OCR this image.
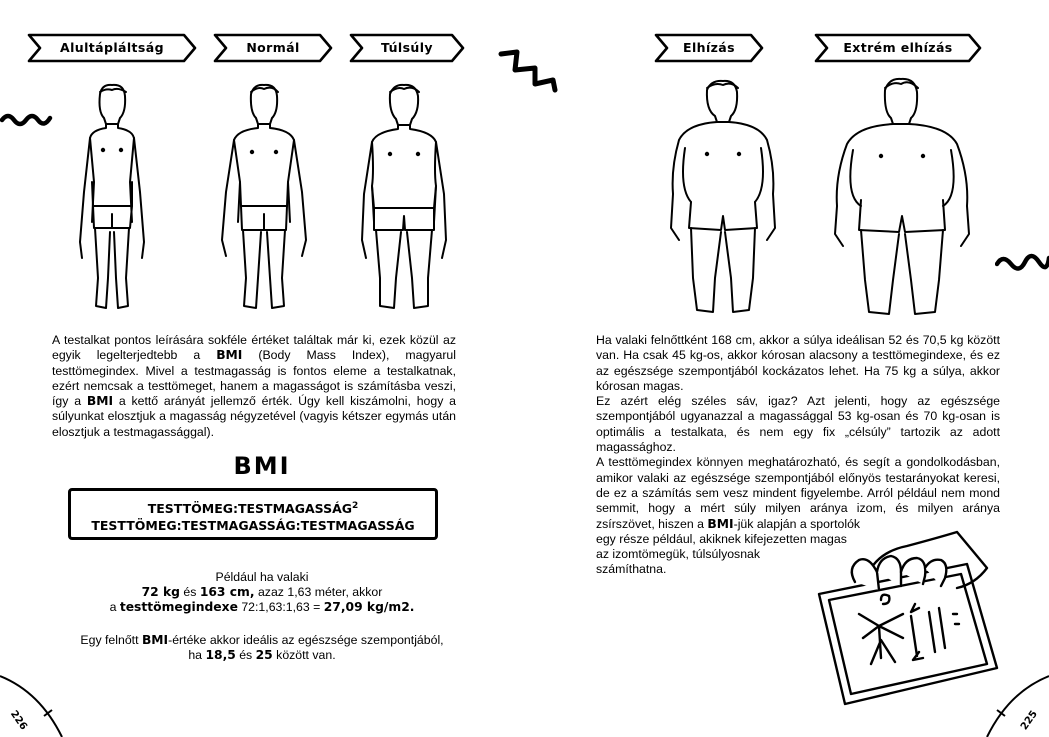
Alultápláltság	Normál	Túlsúly
A testalkat pontos leírására sokféle értéket találtak már ki, ezek közül az egyik legelterjedtebb a BMI (Body Mass Index), magyarul testtömegindex. Mivel a testmagasság is fontos eleme a testalkatnak, ezért nemcsak a testtömeget, hanem a magasságot is számításba veszi, így a BMI a kettő arányát jellemző érték. Úgy kell kiszámolni, hogy a súlyunkat elosztjuk a magasság négyzetével (vagyis kétszer egymás után elosztjuk a testmagassággal).
BMI
TESTTÖMEG:TESTMAGASSÁG$^2$
TESTTÖMEG:TESTMAGASSÁG:TESTMAGASSÁG
Például ha valaki
72 kg és 163 cm, azaz 1,63 méter, akkor
a testtömegindexe 72:1,63:1,63 = 27,09 kg/m2.
Egy felnőtt BMI-értéke akkor ideális az egészsége szempontjából,
ha 18,5 és 25 között van.
226
Elhízás	Extrém elhízás
Ha valaki felnőttként 168 cm, akkor a súlya ideálisan 52 és 70,5 kg között van. Ha csak 45 kg-os, akkor kórosan alacsony a testtömegindexe, és ez az egészsége szempontjából kockázatos lehet. Ha 75 kg a súlya, akkor kórosan magas.
Ez azért elég széles sáv, igaz? Azt jelenti, hogy az egészsége szempontjából ugyanazzal a magassággal 53 kg-osan és 70 kg-osan is optimális a testalkata, és nem egy fix „célsúly” tartozik az adott magassághoz.
A testtömegindex könnyen meghatározható, és segít a gondolkodásban, amikor valaki az egészsége szempontjából előnyös testarányokat keresi, de ez a számítás sem vesz mindent figyelembe. Arról például nem mond semmit, hogy a mért súly milyen aránya izom, és milyen aránya zsírszövet, hiszen a BMI-jük alapján a sportolók
egy része például, akiknek kifejezetten magas
az izomtömegük, túlsúlyosnak
számíthatna.
225
